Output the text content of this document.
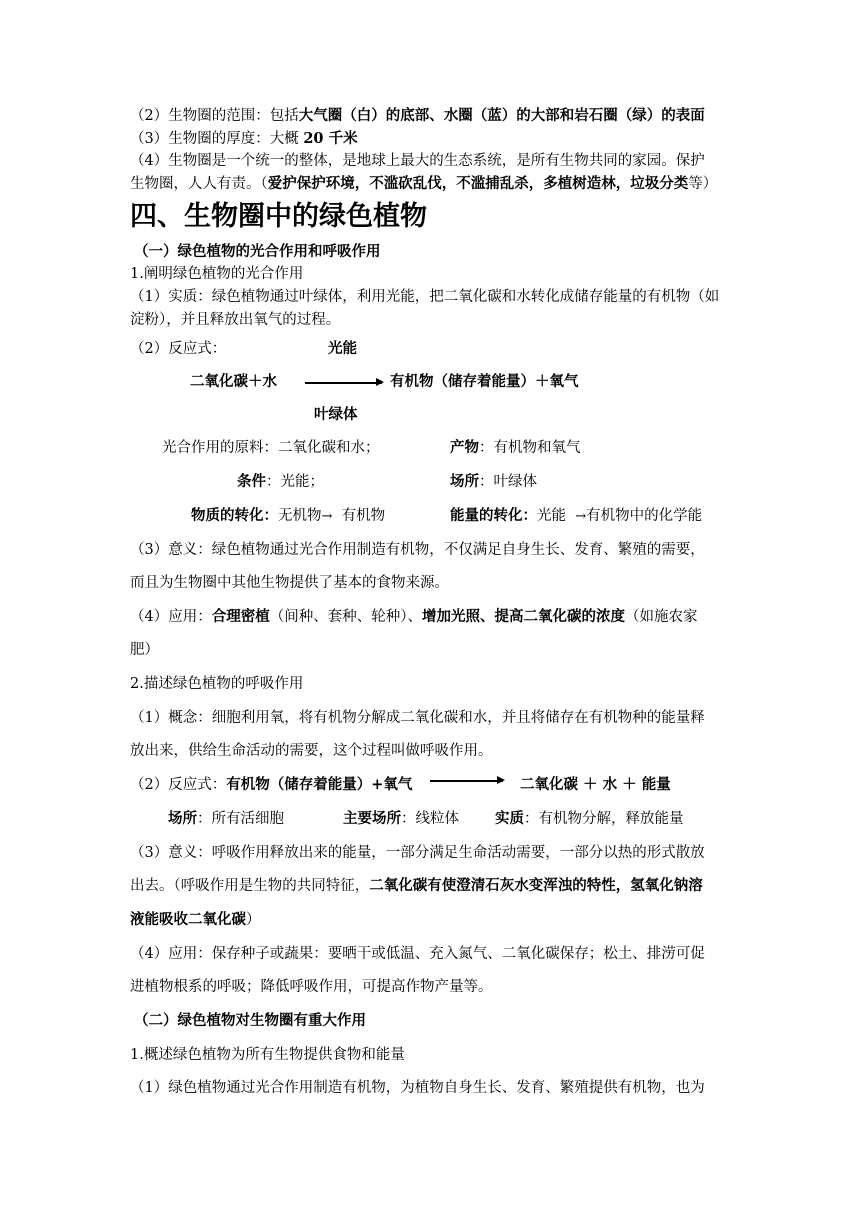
（2）生物圈的范围：包括大气圈（白）的底部、水圈（蓝）的大部和岩石圈（绿）的表面
（3）生物圈的厚度：大概 20 千米
（4）生物圈是一个统一的整体，是地球上最大的生态系统，是所有生物共同的家园。保护
生物圈，人人有责。（爱护保护环境，不滥砍乱伐，不滥捕乱杀，多植树造林，垃圾分类等）
四、生物圈中的绿色植物
（一）绿色植物的光合作用和呼吸作用
1.阐明绿色植物的光合作用
（1）实质：绿色植物通过叶绿体，利用光能，把二氧化碳和水转化成储存能量的有机物（如
淀粉），并且释放出氧气的过程。
（2）反应式：	光能
二氧化碳＋水	有机物（储存着能量）＋氧气
叶绿体
光合作用的原料：二氧化碳和水；	产物：有机物和氧气
条件：光能；	场所：叶绿体
物质的转化：无机物→ 有机物	能量的转化：光能 →有机物中的化学能
（3）意义：绿色植物通过光合作用制造有机物，不仅满足自身生长、发育、繁殖的需要，
而且为生物圈中其他生物提供了基本的食物来源。
（4）应用：合理密植（间种、套种、轮种）、增加光照、提高二氧化碳的浓度（如施农家
肥）
2.描述绿色植物的呼吸作用
（1）概念：细胞利用氧，将有机物分解成二氧化碳和水，并且将储存在有机物种的能量释
放出来，供给生命活动的需要，这个过程叫做呼吸作用。
（2）反应式：有机物（储存着能量）+氧气	二氧化碳 ＋ 水 ＋ 能量
场所：所有活细胞	主要场所：线粒体 实质：有机物分解，释放能量
（3）意义：呼吸作用释放出来的能量，一部分满足生命活动需要，一部分以热的形式散放
出去。（呼吸作用是生物的共同特征，二氧化碳有使澄清石灰水变浑浊的特性，氢氧化钠溶
液能吸收二氧化碳）
（4）应用：保存种子或蔬果：要晒干或低温、充入氮气、二氧化碳保存；松土、排涝可促
进植物根系的呼吸；降低呼吸作用，可提高作物产量等。
（二）绿色植物对生物圈有重大作用
1.概述绿色植物为所有生物提供食物和能量
（1）绿色植物通过光合作用制造有机物，为植物自身生长、发育、繁殖提供有机物，也为
